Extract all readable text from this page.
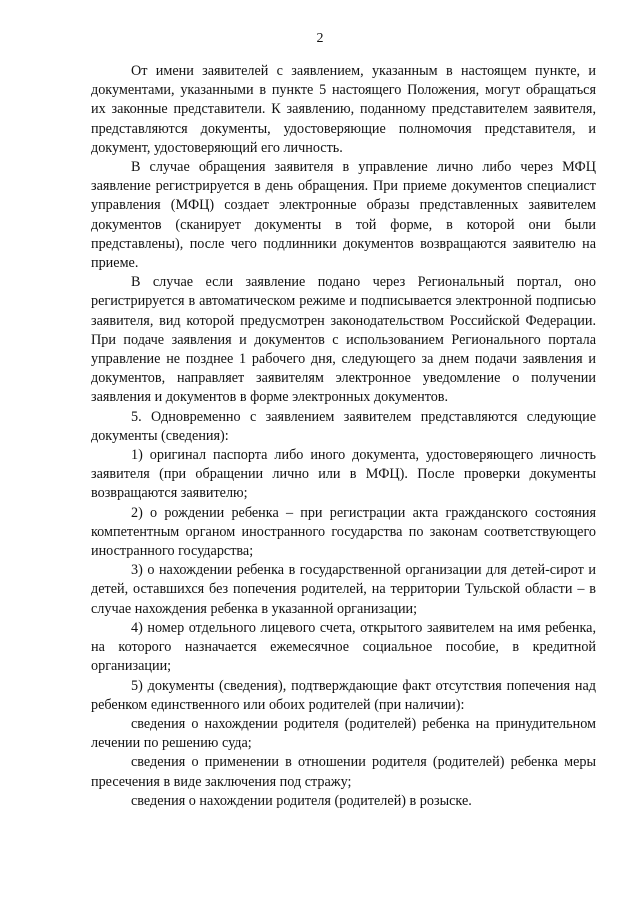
2

От имени заявителей с заявлением, указанным в настоящем пункте, и документами, указанными в пункте 5 настоящего Положения, могут обращаться их законные представители. К заявлению, поданному представителем заявителя, представляются документы, удостоверяющие полномочия представителя, и документ, удостоверяющий его личность.

В случае обращения заявителя в управление лично либо через МФЦ заявление регистрируется в день обращения. При приеме документов специалист управления (МФЦ) создает электронные образы представленных заявителем документов (сканирует документы в той форме, в которой они были представлены), после чего подлинники документов возвращаются заявителю на приеме.

В случае если заявление подано через Региональный портал, оно регистрируется в автоматическом режиме и подписывается электронной подписью заявителя, вид которой предусмотрен законодательством Российской Федерации. При подаче заявления и документов с использованием Регионального портала управление не позднее 1 рабочего дня, следующего за днем подачи заявления и документов, направляет заявителям электронное уведомление о получении заявления и документов в форме электронных документов.

5. Одновременно с заявлением заявителем представляются следующие документы (сведения):

1) оригинал паспорта либо иного документа, удостоверяющего личность заявителя (при обращении лично или в МФЦ). После проверки документы возвращаются заявителю;

2) о рождении ребенка – при регистрации акта гражданского состояния компетентным органом иностранного государства по законам соответствующего иностранного государства;

3) о нахождении ребенка в государственной организации для детей-сирот и детей, оставшихся без попечения родителей, на территории Тульской области – в случае нахождения ребенка в указанной организации;

4) номер отдельного лицевого счета, открытого заявителем на имя ребенка, на которого назначается ежемесячное социальное пособие, в кредитной организации;

5) документы (сведения), подтверждающие факт отсутствия попечения над ребенком единственного или обоих родителей (при наличии):

сведения о нахождении родителя (родителей) ребенка на принудительном лечении по решению суда;

сведения о применении в отношении родителя (родителей) ребенка меры пресечения в виде заключения под стражу;

сведения о нахождении родителя (родителей) в розыске.
